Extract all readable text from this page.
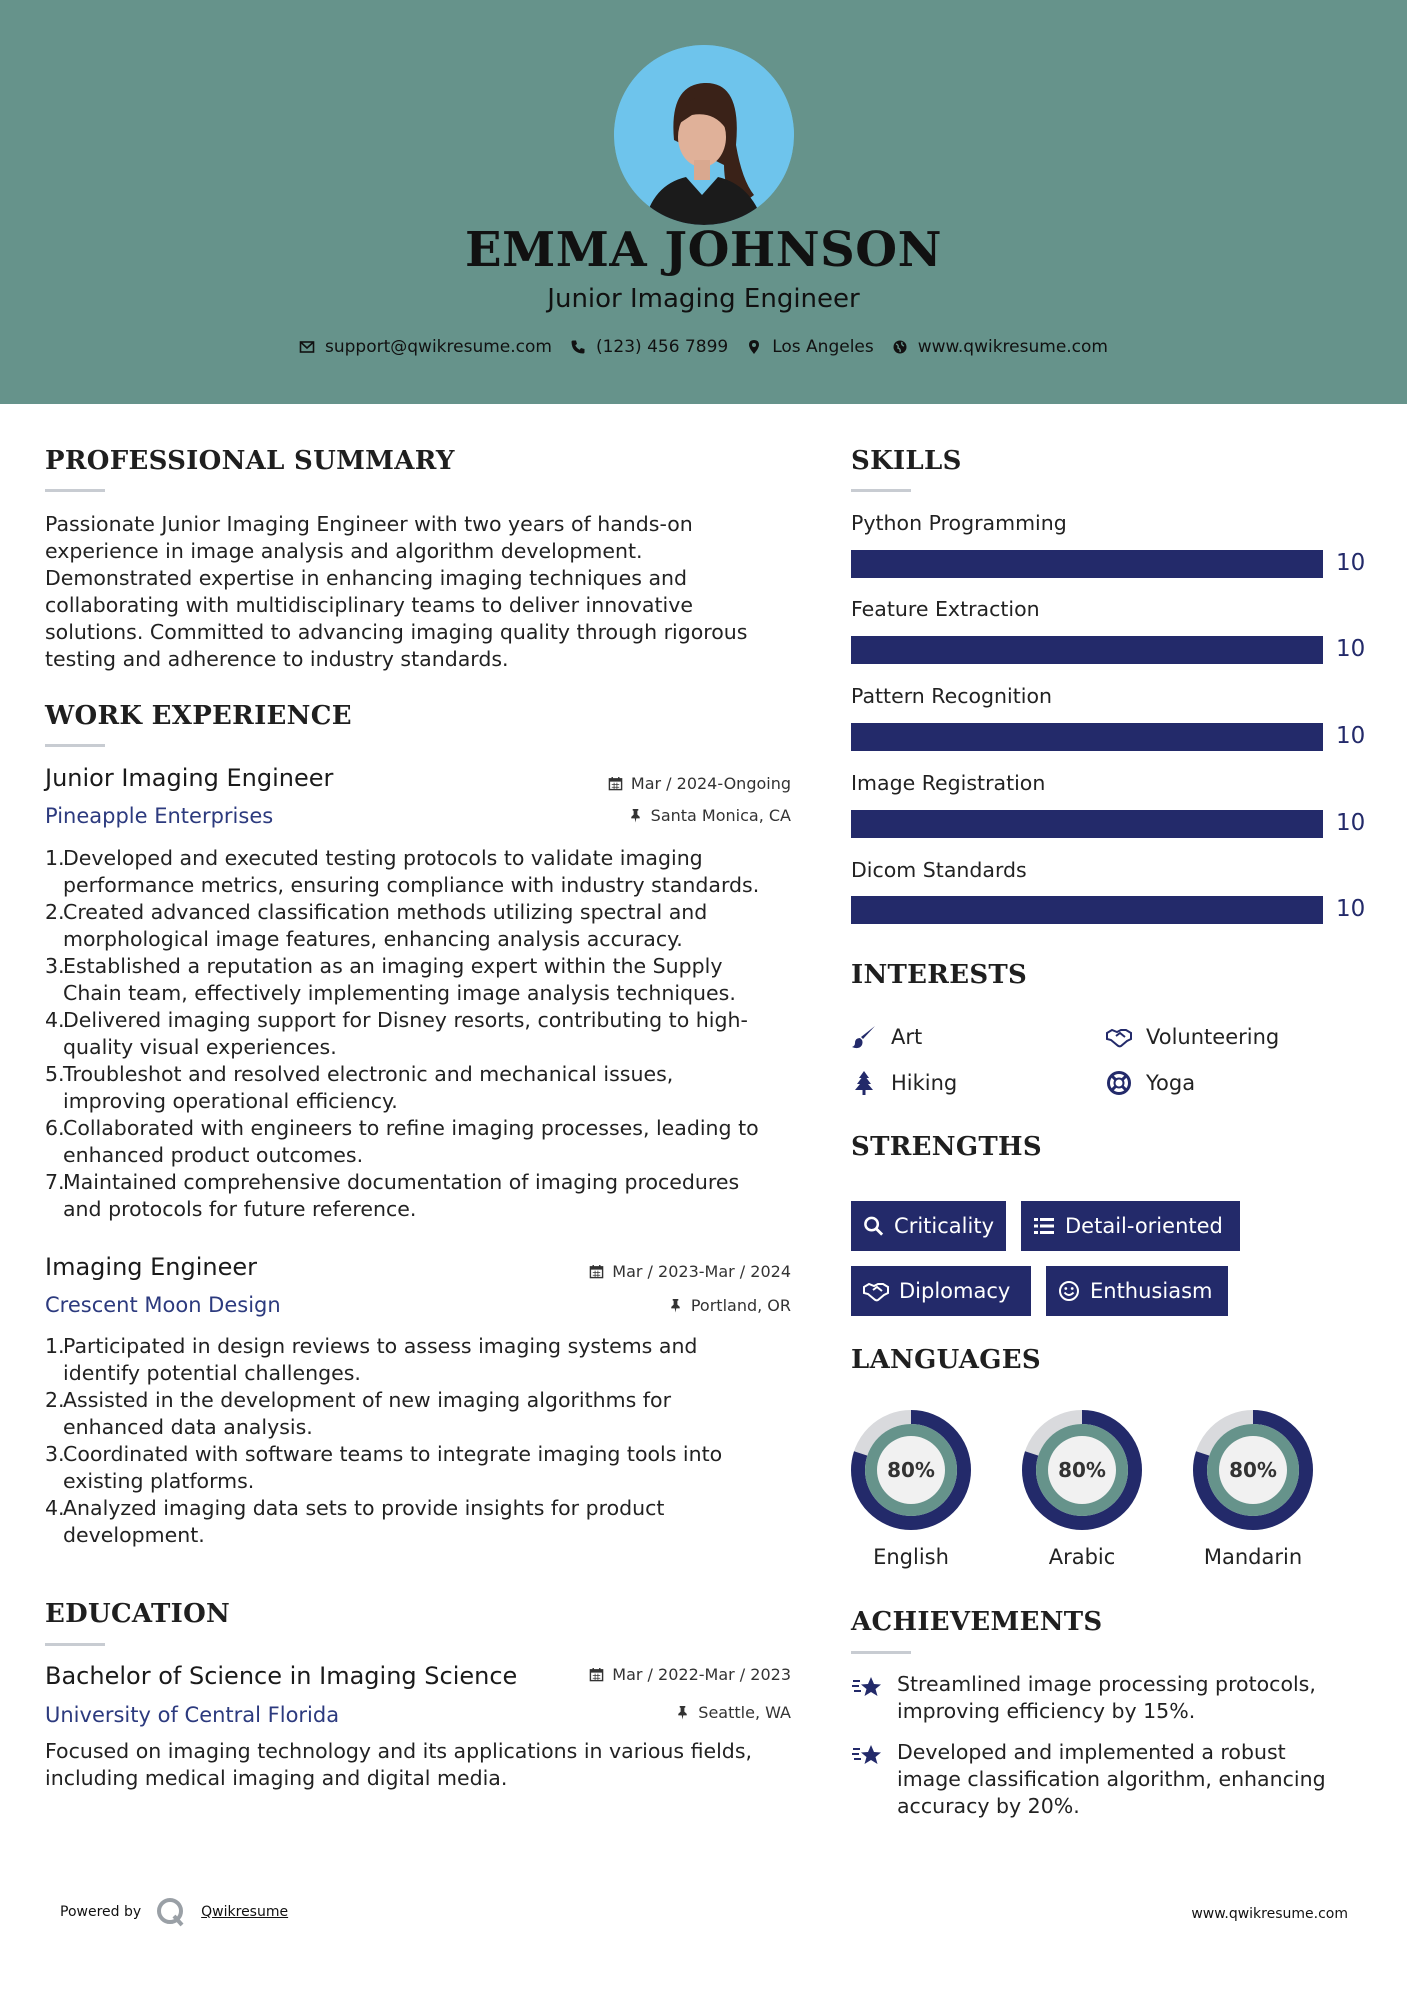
EMMA JOHNSON
Junior Imaging Engineer
support@qwikresume.com	(123) 456 7899	Los Angeles	www.qwikresume.com
PROFESSIONAL SUMMARY
Passionate Junior Imaging Engineer with two years of hands-on
experience in image analysis and algorithm development.
Demonstrated expertise in enhancing imaging techniques and
collaborating with multidisciplinary teams to deliver innovative
solutions. Committed to advancing imaging quality through rigorous
testing and adherence to industry standards.
WORK EXPERIENCE
Junior Imaging Engineer	Mar / 2024-Ongoing
Pineapple Enterprises	Santa Monica, CA
1.
Developed and executed testing protocols to validate imaging
performance metrics, ensuring compliance with industry standards.
2.
Created advanced classification methods utilizing spectral and
morphological image features, enhancing analysis accuracy.
3.
Established a reputation as an imaging expert within the Supply
Chain team, effectively implementing image analysis techniques.
4.
Delivered imaging support for Disney resorts, contributing to high-
quality visual experiences.
5.
Troubleshot and resolved electronic and mechanical issues,
improving operational efficiency.
6.
Collaborated with engineers to refine imaging processes, leading to
enhanced product outcomes.
7.
Maintained comprehensive documentation of imaging procedures
and protocols for future reference.
Imaging Engineer	Mar / 2023-Mar / 2024
Crescent Moon Design	Portland, OR
1.
Participated in design reviews to assess imaging systems and
identify potential challenges.
2.
Assisted in the development of new imaging algorithms for
enhanced data analysis.
3.
Coordinated with software teams to integrate imaging tools into
existing platforms.
4.
Analyzed imaging data sets to provide insights for product
development.
EDUCATION
Bachelor of Science in Imaging Science	Mar / 2022-Mar / 2023
University of Central Florida	Seattle, WA
Focused on imaging technology and its applications in various fields,
including medical imaging and digital media.
SKILLS
Python Programming
10
Feature Extraction
10
Pattern Recognition
10
Image Registration
10
Dicom Standards
10
INTERESTS
Art	Volunteering
Hiking	Yoga
STRENGTHS
Criticality	Detail-oriented
Diplomacy	Enthusiasm
LANGUAGES
80%
English
80%
Arabic
80%
Mandarin
ACHIEVEMENTS
Streamlined image processing protocols,
improving efficiency by 15%.
Developed and implemented a robust
image classification algorithm, enhancing
accuracy by 20%.
Powered by	Qwikresume	www.qwikresume.com
